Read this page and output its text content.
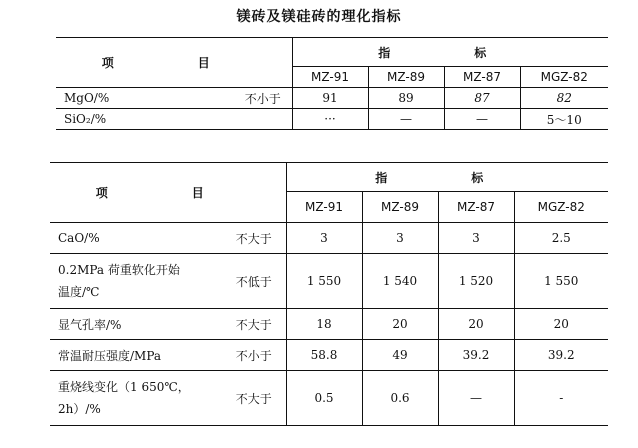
镁砖及镁硅砖的理化指标
项　目		指　标			
		MZ-91	MZ-89	MZ-87	MGZ-82
MgO/%	不小于	91	89	87	82
SiO₂/%		···	—	—	5～10
项　目		指　标			
		MZ-91	MZ-89	MZ-87	MGZ-82
CaO/%	不大于	3	3	3	2.5

0.2MPa 荷重软化开始
温度/℃	不低于	1 550	1 540	1 520	1 550
显气孔率/%	不大于	18	20	20	20
常温耐压强度/MPa	不小于	58.8	49	39.2	39.2

重烧线变化（1 650℃，
2h）/%	不大于	0.5	0.6	—	-
